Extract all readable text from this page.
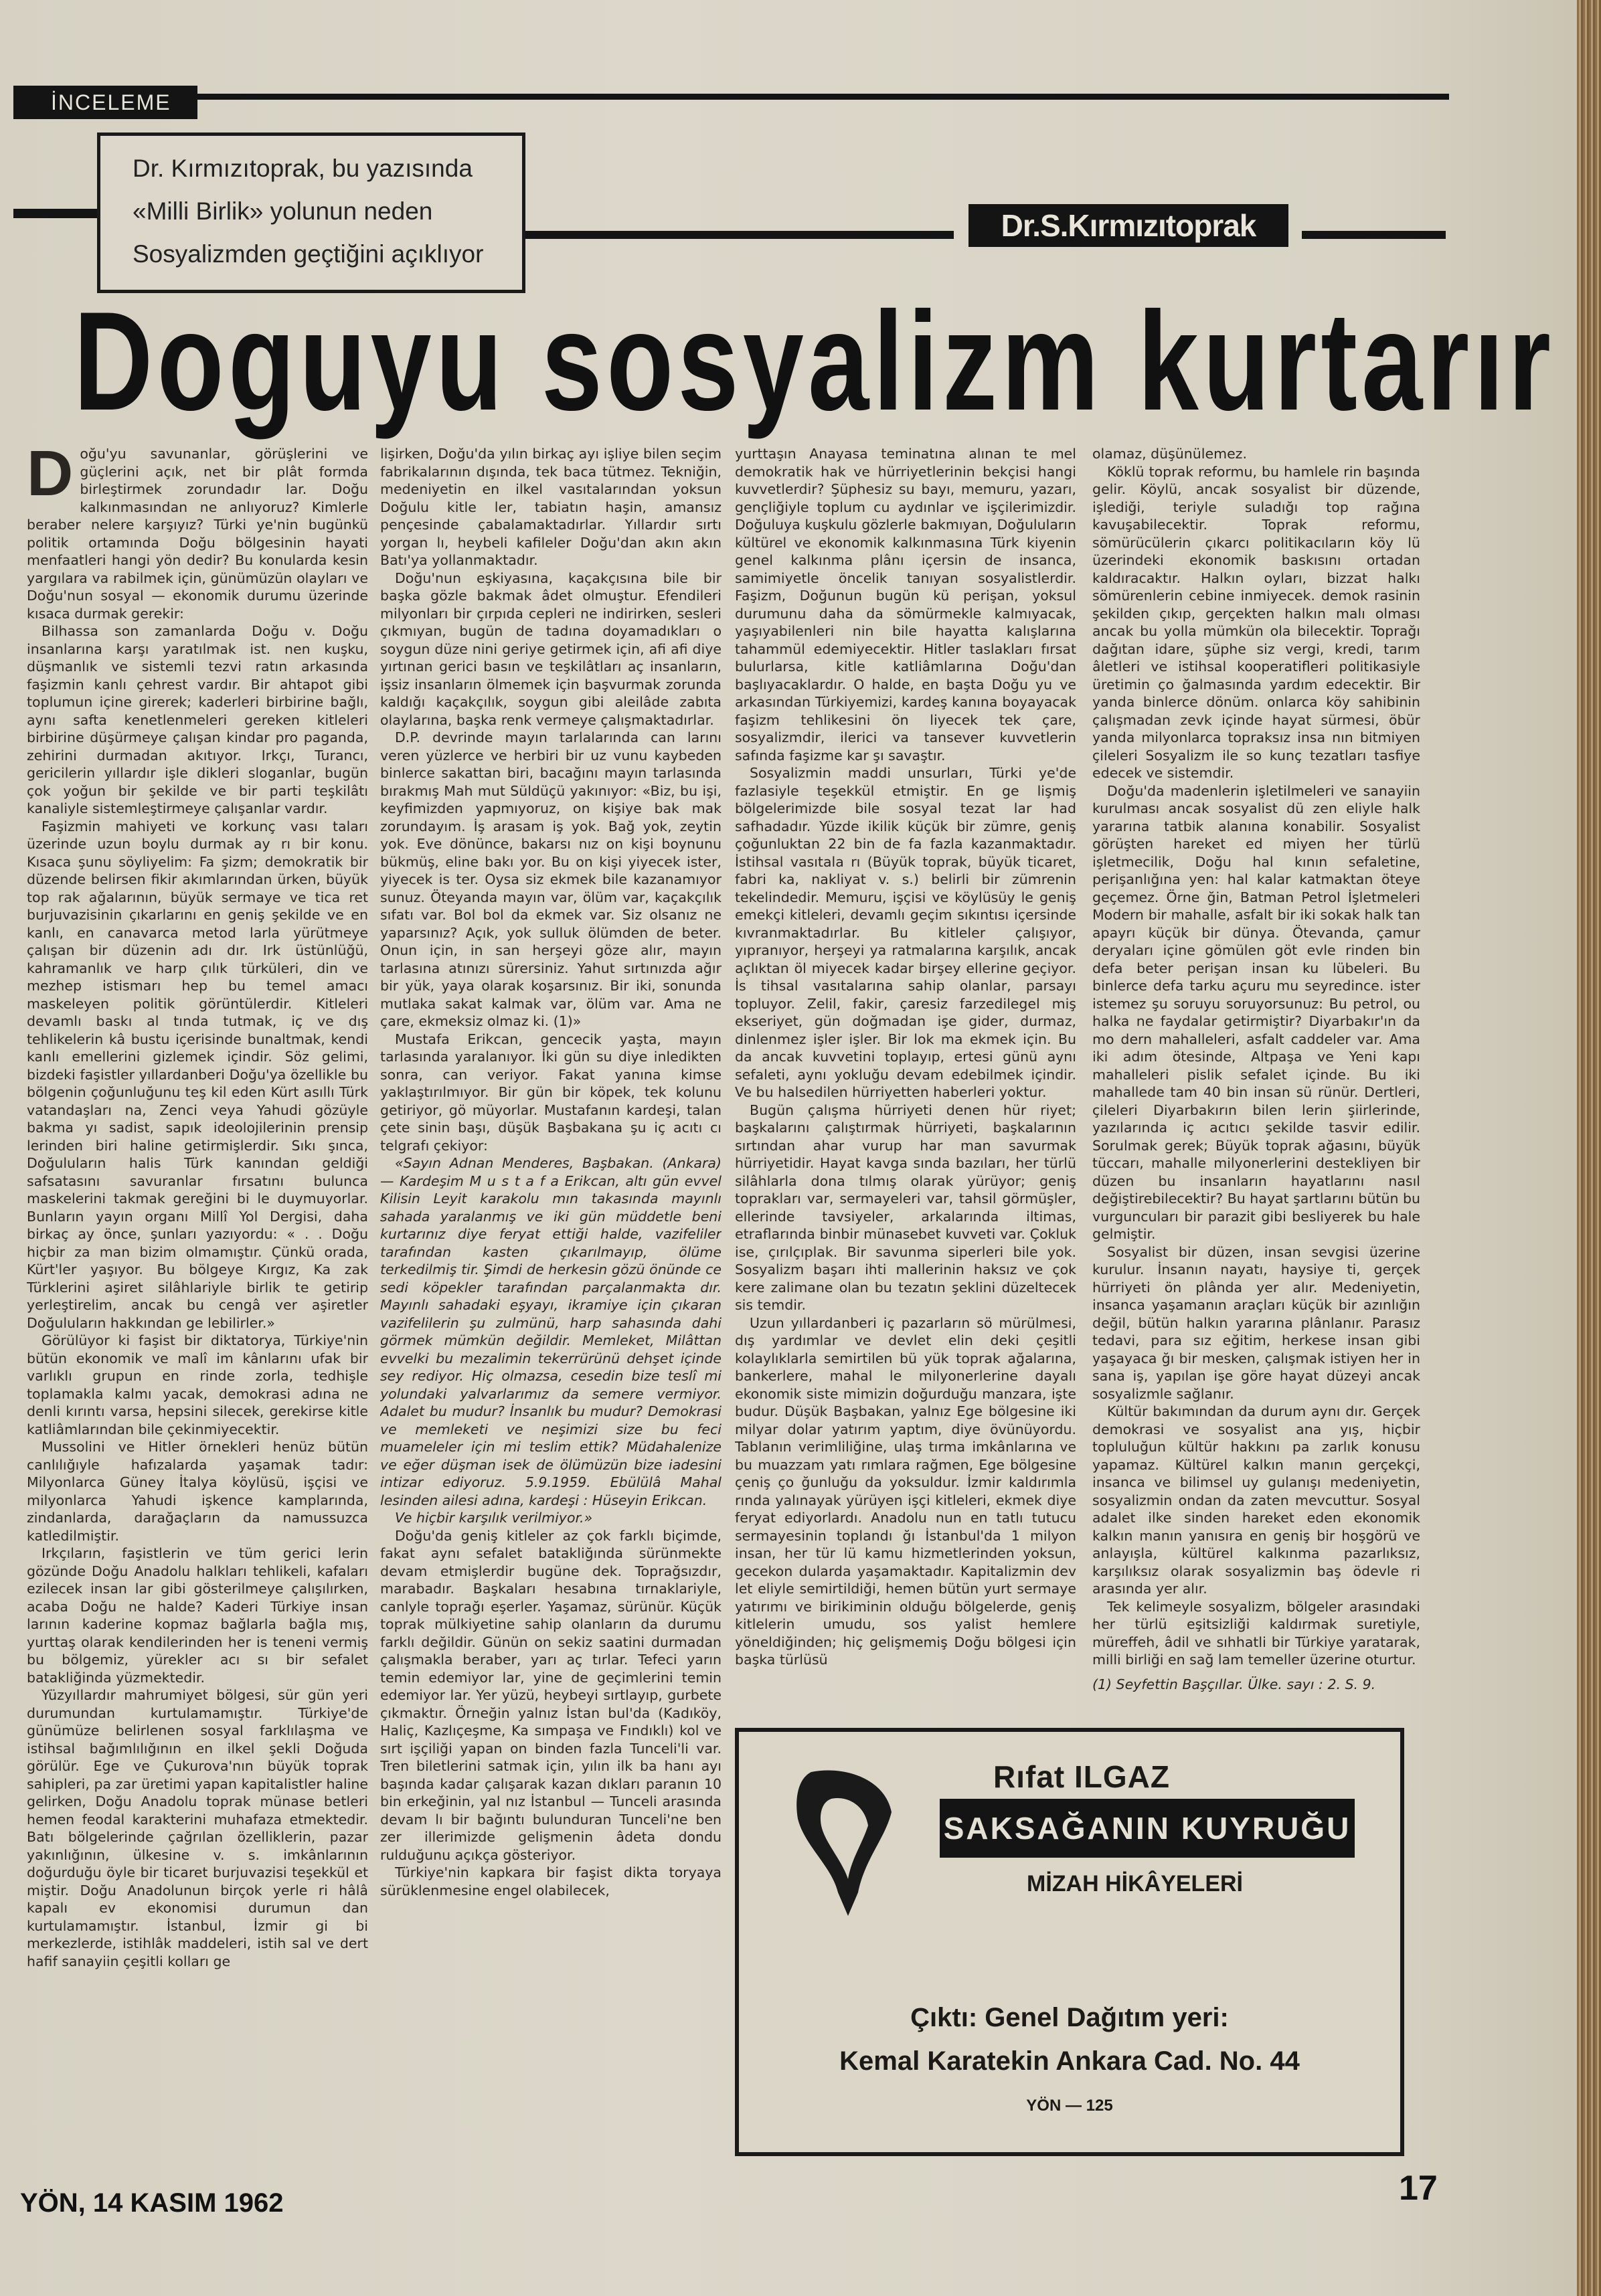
İNCELEME
Dr. Kırmızıtoprak, bu yazısında
«Milli Birlik» yolunun neden
Sosyalizmden geçtiğini açıklıyor
Dr.S.Kırmızıtoprak
Doguyu sosyalizm kurtarır

Doğu'yu savunanlar, görüşlerini ve güçlerini açık, net bir plât formda birleştirmek zorundadır lar. Doğu kalkınmasından ne anlıyoruz? Kimlerle beraber nelere karşıyız? Türki ye'nin bugünkü politik ortamında Doğu bölgesinin hayati menfaatleri hangi yön dedir? Bu konularda kesin yargılara va rabilmek için, günümüzün olayları ve Doğu'nun sosyal — ekonomik durumu üzerinde kısaca durmak gerekir:

Bilhassa son zamanlarda Doğu v. Doğu insanlarına karşı yaratılmak ist. nen kuşku, düşmanlık ve sistemli tezvi ratın arkasında faşizmin kanlı çehrest vardır. Bir ahtapot gibi toplumun içine girerek; kaderleri birbirine bağlı, aynı safta kenetlenmeleri gereken kitleleri birbirine düşürmeye çalışan kindar pro paganda, zehirini durmadan akıtıyor. Irkçı, Turancı, gericilerin yıllardır işle dikleri sloganlar, bugün çok yoğun bir şekilde ve bir parti teşkilâtı kanaliyle sistemleştirmeye çalışanlar vardır.

Faşizmin mahiyeti ve korkunç vası taları üzerinde uzun boylu durmak ay rı bir konu. Kısaca şunu söyliyelim: Fa şizm; demokratik bir düzende belirsen fikir akımlarından ürken, büyük top rak ağalarının, büyük sermaye ve tica ret burjuvazisinin çıkarlarını en geniş şekilde ve en kanlı, en canavarca metod larla yürütmeye çalışan bir düzenin adı dır. Irk üstünlüğü, kahramanlık ve harp çılık türküleri, din ve mezhep istismarı hep bu temel amacı maskeleyen politik görüntülerdir. Kitleleri devamlı baskı al tında tutmak, iç ve dış tehlikelerin kâ bustu içerisinde bunaltmak, kendi kanlı emellerini gizlemek içindir. Söz gelimi, bizdeki faşistler yıllardanberi Doğu'ya özellikle bu bölgenin çoğunluğunu teş kil eden Kürt asıllı Türk vatandaşları na, Zenci veya Yahudi gözüyle bakma yı sadist, sapık ideolojilerinin prensip lerinden biri haline getirmişlerdir. Sıkı şınca, Doğuluların halis Türk kanından geldiği safsatasını savuranlar fırsatını bulunca maskelerini takmak gereğini bi le duymuyorlar. Bunların yayın organı Millî Yol Dergisi, daha birkaç ay önce, şunları yazıyordu: « . . Doğu hiçbir za man bizim olmamıştır. Çünkü orada, Kürt'ler yaşıyor. Bu bölgeye Kırgız, Ka zak Türklerini aşiret silâhlariyle birlik te getirip yerleştirelim, ancak bu cengâ ver aşiretler Doğuluların hakkından ge lebilirler.»

Görülüyor ki faşist bir diktatorya, Türkiye'nin bütün ekonomik ve malî im kânlarını ufak bir varlıklı grupun en rinde zorla, tedhişle toplamakla kalmı yacak, demokrasi adına ne denli kırıntı varsa, hepsini silecek, gerekirse kitle katliâmlarından bile çekinmiyecektir.

Mussolini ve Hitler örnekleri henüz bütün canlılığıyle hafızalarda yaşamak tadır: Milyonlarca Güney İtalya köylüsü, işçisi ve milyonlarca Yahudi işkence kamplarında, zindanlarda, darağaçların da namussuzca katledilmiştir.

Irkçıların, faşistlerin ve tüm gerici lerin gözünde Doğu Anadolu halkları tehlikeli, kafaları ezilecek insan lar gibi gösterilmeye çalışılırken, acaba Doğu ne halde? Kaderi Türkiye insan larının kaderine kopmaz bağlarla bağla mış, yurttaş olarak kendilerinden her is teneni vermiş bu bölgemiz, yürekler acı sı bir sefalet batakliğinda yüzmektedir.

Yüzyıllardır mahrumiyet bölgesi, sür gün yeri durumundan kurtulamamıştır. Türkiye'de günümüze belirlenen sosyal farklılaşma ve istihsal bağımlılığının en ilkel şekli Doğuda görülür. Ege ve Çukurova'nın büyük toprak sahipleri, pa zar üretimi yapan kapitalistler haline gelirken, Doğu Anadolu toprak münase betleri hemen feodal karakterini muhafaza etmektedir. Batı bölgelerinde çağrılan özelliklerin, pazar yakınlığının, ülkesine v. s. imkânlarının doğurduğu öyle bir ticaret burjuvazisi teşekkül et miştir. Doğu Anadolunun birçok yerle ri hâlâ kapalı ev ekonomisi durumun dan kurtulamamıştır. İstanbul, İzmir gi bi merkezlerde, istihlâk maddeleri, istih sal ve dert hafif sanayiin çeşitli kolları ge

lişirken, Doğu'da yılın birkaç ayı işliye bilen seçim fabrikalarının dışında, tek baca tütmez. Tekniğin, medeniyetin en ilkel vasıtalarından yoksun Doğulu kitle ler, tabiatın haşin, amansız pençesinde çabalamaktadırlar. Yıllardır sırtı yorgan lı, heybeli kafileler Doğu'dan akın akın Batı'ya yollanmaktadır.

Doğu'nun eşkiyasına, kaçakçısına bile bir başka gözle bakmak âdet olmuştur. Efendileri milyonları bir çırpıda cepleri ne indirirken, sesleri çıkmıyan, bugün de tadına doyamadıkları o soygun düze nini geriye getirmek için, afi afi diye yırtınan gerici basın ve teşkilâtları aç insanların, işsiz insanların ölmemek için başvurmak zorunda kaldığı kaçakçılık, soygun gibi aleilâde zabıta olaylarına, başka renk vermeye çalışmaktadırlar.

D.P. devrinde mayın tarlalarında can larını veren yüzlerce ve herbiri bir uz vunu kaybeden binlerce sakattan biri, bacağını mayın tarlasında bırakmış Mah mut Süldüçü yakınıyor: «Biz, bu işi, keyfimizden yapmıyoruz, on kişiye bak mak zorundayım. İş arasam iş yok. Bağ yok, zeytin yok. Eve dönünce, bakarsı nız on kişi boynunu bükmüş, eline bakı yor. Bu on kişi yiyecek ister, yiyecek is ter. Oysa siz ekmek bile kazanamıyor sunuz. Öteyanda mayın var, ölüm var, kaçakçılık sıfatı var. Bol bol da ekmek var. Siz olsanız ne yaparsınız? Açık, yok sulluk ölümden de beter. Onun için, in san herşeyi göze alır, mayın tarlasına atınızı sürersiniz. Yahut sırtınızda ağır bir yük, yaya olarak koşarsınız. Bir iki, sonunda mutlaka sakat kalmak var, ölüm var. Ama ne çare, ekmeksiz olmaz ki. (1)»

Mustafa Erikcan, gencecik yaşta, mayın tarlasında yaralanıyor. İki gün su diye inledikten sonra, can veriyor. Fakat yanına kimse yaklaştırılmıyor. Bir gün bir köpek, tek kolunu getiriyor, gö müyorlar. Mustafanın kardeşi, talan çete sinin başı, düşük Başbakana şu iç acıtı cı telgrafı çekiyor:

«Sayın Adnan Menderes, Başbakan. (Ankara) — Kardeşim M u s t a f a Erikcan, altı gün evvel Kilisin Leyit karakolu mın takasında mayınlı sahada yaralanmış ve iki gün müddetle beni kurtarınız diye feryat ettiği halde, vazifeliler tarafından kasten çıkarılmayıp, ölüme terkedilmiş tir. Şimdi de herkesin gözü önünde ce sedi köpekler tarafından parçalanmakta dır. Mayınlı sahadaki eşyayı, ikramiye için çıkaran vazifelilerin şu zulmünü, harp sahasında dahi görmek mümkün değildir. Memleket, Milâttan evvelki bu mezalimin tekerrürünü dehşet içinde sey rediyor. Hiç olmazsa, cesedin bize teslî mi yolundaki yalvarlarımız da semere vermiyor. Adalet bu mudur? İnsanlık bu mudur? Demokrasi ve memleketi ve neşimizi size bu feci muameleler için mi teslim ettik? Müdahalenize ve eğer düşman isek de ölümüzün bize iadesini intizar ediyoruz. 5.9.1959. Ebülülâ Mahal lesinden ailesi adına, kardeşi : Hüseyin Erikcan.

Ve hiçbir karşılık verilmiyor.»

Doğu'da geniş kitleler az çok farklı biçimde, fakat aynı sefalet batakliğında sürünmekte devam etmişlerdir bugüne dek. Toprağsızdır, marabadır. Başkaları hesabına tırnaklariyle, canlyle toprağı eşerler. Yaşamaz, sürünür. Küçük toprak mülkiyetine sahip olanların da durumu farklı değildir. Günün on sekiz saatini durmadan çalışmakla beraber, yarı aç tırlar. Tefeci yarın temin edemiyor lar, yine de geçimlerini temin edemiyor lar. Yer yüzü, heybeyi sırtlayıp, gurbete çıkmaktır. Örneğin yalnız İstan bul'da (Kadıköy, Haliç, Kazlıçeşme, Ka sımpaşa ve Fındıklı) kol ve sırt işçiliği yapan on binden fazla Tunceli'li var. Tren biletlerini satmak için, yılın ilk ba hanı ayı başında kadar çalışarak kazan dıkları paranın 10 bin erkeğinin, yal nız İstanbul — Tunceli arasında devam lı bir bağıntı bulunduran Tunceli'ne ben zer illerimizde gelişmenin âdeta dondu rulduğunu açıkça gösteriyor.

Türkiye'nin kapkara bir faşist dikta toryaya sürüklenmesine engel olabilecek,

yurttaşın Anayasa teminatına alınan te mel demokratik hak ve hürriyetlerinin bekçisi hangi kuvvetlerdir? Şüphesiz su bayı, memuru, yazarı, gençliğiyle toplum cu aydınlar ve işçilerimizdir. Doğuluya kuşkulu gözlerle bakmıyan, Doğuluların kültürel ve ekonomik kalkınmasına Türk kiyenin genel kalkınma plânı içersin de insanca, samimiyetle öncelik tanıyan sosyalistlerdir. Faşizm, Doğunun bugün kü perişan, yoksul durumunu daha da sömürmekle kalmıyacak, yaşıyabilenleri nin bile hayatta kalışlarına tahammül edemiyecektir. Hitler taslakları fırsat bulurlarsa, kitle katliâmlarına Doğu'dan başlıyacaklardır. O halde, en başta Doğu yu ve arkasından Türkiyemizi, kardeş kanına boyayacak faşizm tehlikesini ön liyecek tek çare, sosyalizmdir, ilerici va tansever kuvvetlerin safında faşizme kar şı savaştır.

Sosyalizmin maddi unsurları, Türki ye'de fazlasiyle teşekkül etmiştir. En ge lişmiş bölgelerimizde bile sosyal tezat lar had safhadadır. Yüzde ikilik küçük bir zümre, geniş çoğunluktan 22 bin de fa fazla kazanmaktadır. İstihsal vasıtala rı (Büyük toprak, büyük ticaret, fabri ka, nakliyat v. s.) belirli bir zümrenin tekelindedir. Memuru, işçisi ve köylüsüy le geniş emekçi kitleleri, devamlı geçim sıkıntısı içersinde kıvranmaktadırlar. Bu kitleler çalışıyor, yıpranıyor, herşeyi ya ratmalarına karşılık, ancak açlıktan öl miyecek kadar birşey ellerine geçiyor. İs tihsal vasıtalarına sahip olanlar, parsayı topluyor. Zelil, fakir, çaresiz farzedilegel miş ekseriyet, gün doğmadan işe gider, durmaz, dinlenmez işler işler. Bir lok ma ekmek için. Bu da ancak kuvvetini toplayıp, ertesi günü aynı sefaleti, aynı yokluğu devam edebilmek içindir. Ve bu halsedilen hürriyetten haberleri yoktur.

Bugün çalışma hürriyeti denen hür riyet; başkalarını çalıştırmak hürriyeti, başkalarının sırtından ahar vurup har man savurmak hürriyetidir. Hayat kavga sında bazıları, her türlü silâhlarla dona tılmış olarak yürüyor; geniş toprakları var, sermayeleri var, tahsil görmüşler, ellerinde tavsiyeler, arkalarında iltimas, etraflarında binbir münasebet kuvveti var. Çokluk ise, çırılçıplak. Bir savunma siperleri bile yok. Sosyalizm başarı ihti mallerinin haksız ve çok kere zalimane olan bu tezatın şeklini düzeltecek sis temdir.

Uzun yıllardanberi iç pazarların sö mürülmesi, dış yardımlar ve devlet elin deki çeşitli kolaylıklarla semirtilen bü yük toprak ağalarına, bankerlere, mahal le milyonerlerine dayalı ekonomik siste mimizin doğurduğu manzara, işte budur. Düşük Başbakan, yalnız Ege bölgesine iki milyar dolar yatırım yaptım, diye övünüyordu. Tablanın verimliliğine, ulaş tırma imkânlarına ve bu muazzam yatı rımlara rağmen, Ege bölgesine çeniş ço ğunluğu da yoksuldur. İzmir kaldırımla rında yalınayak yürüyen işçi kitleleri, ekmek diye feryat ediyorlardı. Anadolu nun en tatlı tutucu sermayesinin toplandı ğı İstanbul'da 1 milyon insan, her tür lü kamu hizmetlerinden yoksun, gecekon dularda yaşamaktadır. Kapitalizmin dev let eliyle semirtildiği, hemen bütün yurt sermaye yatırımı ve birikiminin olduğu bölgelerde, geniş kitlelerin umudu, sos yalist hemlere yöneldiğinden; hiç gelişmemiş Doğu bölgesi için başka türlüsü

olamaz, düşünülemez.

Köklü toprak reformu, bu hamlele rin başında gelir. Köylü, ancak sosyalist bir düzende, işlediği, teriyle suladığı top rağına kavuşabilecektir. Toprak reformu, sömürücülerin çıkarcı politikacıların köy lü üzerindeki ekonomik baskısını ortadan kaldıracaktır. Halkın oyları, bizzat halkı sömürenlerin cebine inmiyecek. demok rasinin şekilden çıkıp, gerçekten halkın malı olması ancak bu yolla mümkün ola bilecektir. Toprağı dağıtan idare, şüphe siz vergi, kredi, tarım âletleri ve istihsal kooperatifleri politikasiyle üretimin ço ğalmasında yardım edecektir. Bir yanda binlerce dönüm. onlarca köy sahibinin çalışmadan zevk içinde hayat sürmesi, öbür yanda milyonlarca topraksız insa nın bitmiyen çileleri Sosyalizm ile so kunç tezatları tasfiye edecek ve sistemdir.

Doğu'da madenlerin işletilmeleri ve sanayiin kurulması ancak sosyalist dü zen eliyle halk yararına tatbik alanına konabilir. Sosyalist görüşten hareket ed miyen her türlü işletmecilik, Doğu hal kının sefaletine, perişanlığına yen: hal kalar katmaktan öteye geçemez. Örne ğin, Batman Petrol İşletmeleri Modern bir mahalle, asfalt bir iki sokak halk tan apayrı küçük bir dünya. Ötevanda, çamur deryaları içine gömülen göt evle rinden bin defa beter perişan insan ku lübeleri. Bu binlerce defa tarku açuru mu seyredince. ister istemez şu soruyu soruyorsunuz: Bu petrol, ou halka ne faydalar getirmiştir? Diyarbakır'ın da mo dern mahalleleri, asfalt caddeler var. Ama iki adım ötesinde, Altpaşa ve Yeni kapı mahalleleri pislik sefalet içinde. Bu iki mahallede tam 40 bin insan sü rünür. Dertleri, çileleri Diyarbakırın bilen lerin şiirlerinde, yazılarında iç acıtıcı şekilde tasvir edilir. Sorulmak gerek; Büyük toprak ağasını, büyük tüccarı, mahalle milyonerlerini destekliyen bir düzen bu insanların hayatlarını nasıl değiştirebilecektir? Bu hayat şartlarını bütün bu vurguncuları bir parazit gibi besliyerek bu hale gelmiştir.

Sosyalist bir düzen, insan sevgisi üzerine kurulur. İnsanın nayatı, haysiye ti, gerçek hürriyeti ön plânda yer alır. Medeniyetin, insanca yaşamanın araçları küçük bir azınlığın değil, bütün halkın yararına plânlanır. Parasız tedavi, para sız eğitim, herkese insan gibi yaşayaca ğı bir mesken, çalışmak istiyen her in sana iş, yapılan işe göre hayat düzeyi ancak sosyalizmle sağlanır.

Kültür bakımından da durum aynı dır. Gerçek demokrasi ve sosyalist ana yış, hiçbir topluluğun kültür hakkını pa zarlık konusu yapamaz. Kültürel kalkın manın gerçekçi, insanca ve bilimsel uy gulanışı medeniyetin, sosyalizmin ondan da zaten mevcuttur. Sosyal adalet ilke sinden hareket eden ekonomik kalkın manın yanısıra en geniş bir hoşgörü ve anlayışla, kültürel kalkınma pazarlıksız, karşılıksız olarak sosyalizmin baş ödevle ri arasında yer alır.

Tek kelimeyle sosyalizm, bölgeler arasındaki her türlü eşitsizliği kaldırmak suretiyle, müreffeh, âdil ve sıhhatli bir Türkiye yaratarak, milli birliği en sağ lam temeller üzerine oturtur.

(1) Seyfettin Başçıllar. Ülke. sayı : 2. S. 9.

Rıfat ILGAZ
SAKSAĞANIN KUYRUĞU
MİZAH HİKÂYELERİ
Çıktı: Genel Dağıtım yeri:
Kemal Karatekin Ankara Cad. No. 44
YÖN — 125
YÖN, 14 KASIM 1962	17
